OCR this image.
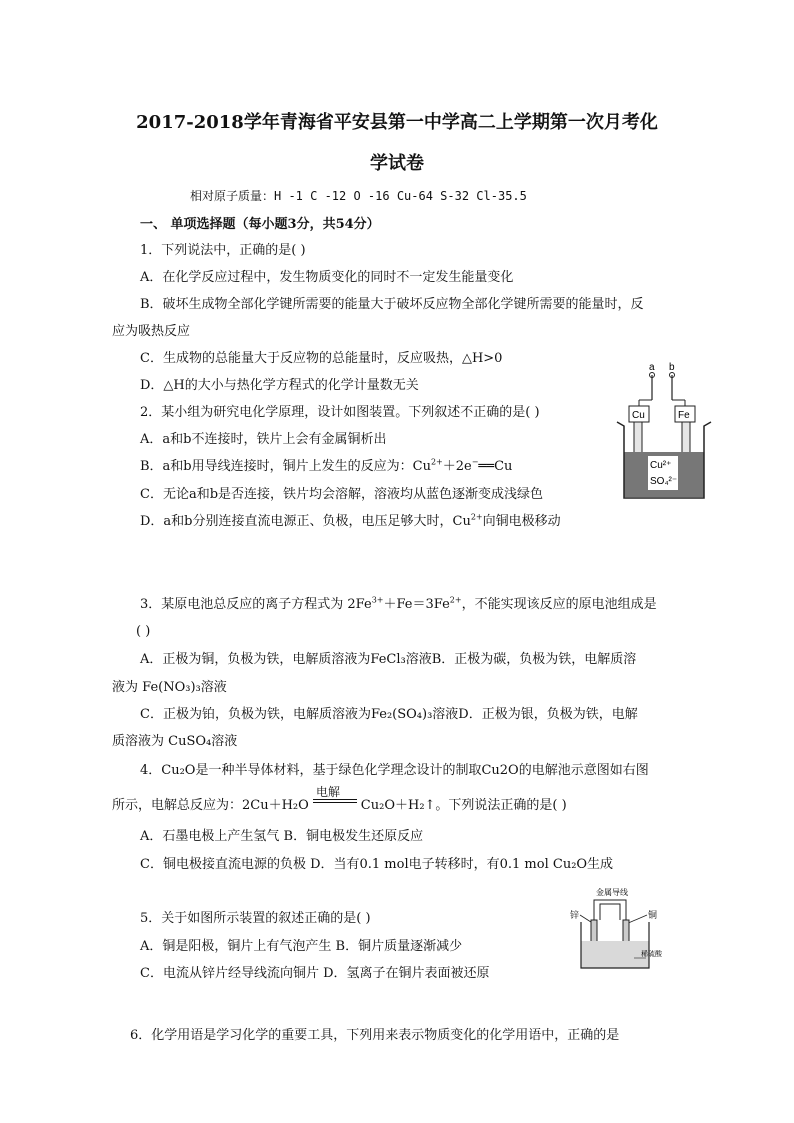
2017-2018学年青海省平安县第一中学高二上学期第一次月考化
学试卷
相对原子质量：H -1 C -12 O -16 Cu-64 S-32 Cl-35.5
一、 单项选择题（每小题3分，共54分）
1．下列说法中，正确的是( )
A．在化学反应过程中，发生物质变化的同时不一定发生能量变化
B．破坏生成物全部化学键所需要的能量大于破坏反应物全部化学键所需要的能量时，反
应为吸热反应
C．生成物的总能量大于反应物的总能量时，反应吸热，△H>0
D．△H的大小与热化学方程式的化学计量数无关
2．某小组为研究电化学原理，设计如图装置。下列叙述不正确的是( )
A．a和b不连接时，铁片上会有金属铜析出
B．a和b用导线连接时，铜片上发生的反应为：$Cu^{2+}+2e^-══Cu$
C．无论a和b是否连接，铁片均会溶解，溶液均从蓝色逐渐变成浅绿色
D．a和b分别连接直流电源正、负极，电压足够大时，$Cu^{2+}$向铜电极移动
a b
Cu	Fe
Cu²⁺
SO₄²⁻
3．某原电池总反应的离子方程式为 $2Fe^{3+}+Fe=3Fe^{2+}$，不能实现该反应的原电池组成是
( )
A．正极为铜，负极为铁，电解质溶液为FeCl₃溶液B．正极为碳，负极为铁，电解质溶
液为 Fe(NO₃)₃溶液
C．正极为铂，负极为铁，电解质溶液为Fe₂(SO₄)₃溶液D．正极为银，负极为铁，电解
质溶液为 CuSO₄溶液
4．Cu₂O是一种半导体材料，基于绿色化学理念设计的制取Cu2O的电解池示意图如右图
电解
所示，电解总反应为：2Cu＋H₂O	Cu₂O＋H₂↑。下列说法正确的是( )
A．石墨电极上产生氢气 B．铜电极发生还原反应
C．铜电极接直流电源的负极 D．当有0.1 mol电子转移时，有0.1 mol Cu₂O生成
5．关于如图所示装置的叙述正确的是( )
A．铜是阳极，铜片上有气泡产生 B．铜片质量逐渐减少
C．电流从锌片经导线流向铜片 D．氢离子在铜片表面被还原
金属导线
锌	铜
稀硫酸
6．化学用语是学习化学的重要工具，下列用来表示物质变化的化学用语中，正确的是
